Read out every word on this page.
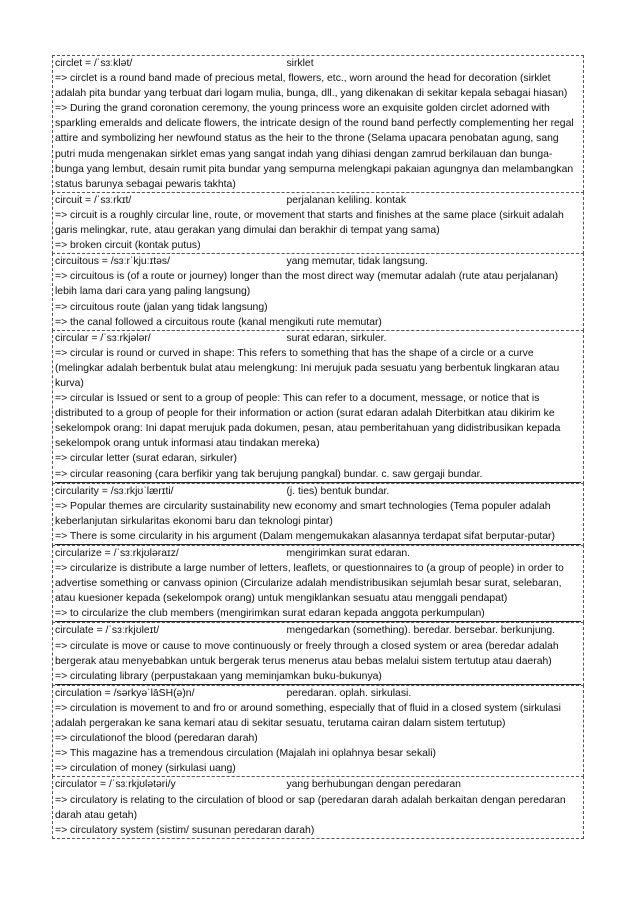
circlet = /ˈsɜːklət/	sirklet
=> circlet is a round band made of precious metal, flowers, etc., worn around the head for decoration (sirklet adalah pita bundar yang terbuat dari logam mulia, bunga, dll., yang dikenakan di sekitar kepala sebagai hiasan)
=> During the grand coronation ceremony, the young princess wore an exquisite golden circlet adorned with sparkling emeralds and delicate flowers, the intricate design of the round band perfectly complementing her regal attire and symbolizing her newfound status as the heir to the throne (Selama upacara penobatan agung, sang putri muda mengenakan sirklet emas yang sangat indah yang dihiasi dengan zamrud berkilauan dan bunga-bunga yang lembut, desain rumit pita bundar yang sempurna melengkapi pakaian agungnya dan melambangkan status barunya sebagai pewaris takhta)
circuit = /ˈsɜːrkɪt/	perjalanan keliling. kontak
=> circuit is a roughly circular line, route, or movement that starts and finishes at the same place (sirkuit adalah garis melingkar, rute, atau gerakan yang dimulai dan berakhir di tempat yang sama)
=> broken circuit (kontak putus)
circuitous = /sɜːrˈkjuːɪtəs/	yang memutar, tidak langsung.
=> circuitous is (of a route or journey) longer than the most direct way (memutar adalah (rute atau perjalanan) lebih lama dari cara yang paling langsung)
=> circuitous route (jalan yang tidak langsung)
=> the canal followed a circuitous route (kanal mengikuti rute memutar)
circular = /ˈsɜːrkjələr/	surat edaran, sirkuler.
=> circular is round or curved in shape: This refers to something that has the shape of a circle or a curve (melingkar adalah berbentuk bulat atau melengkung: Ini merujuk pada sesuatu yang berbentuk lingkaran atau kurva)
=> circular is Issued or sent to a group of people: This can refer to a document, message, or notice that is distributed to a group of people for their information or action (surat edaran adalah Diterbitkan atau dikirim ke sekelompok orang: Ini dapat merujuk pada dokumen, pesan, atau pemberitahuan yang didistribusikan kepada sekelompok orang untuk informasi atau tindakan mereka)
=> circular letter (surat edaran, sirkuler)
=> circular reasoning (cara berfikir yang tak berujung pangkal) bundar. c. saw gergaji bundar.
circularity = /sɜːrkjʊˈlærɪti/	(j. ties) bentuk bundar.
=> Popular themes are circularity sustainability new economy and smart technologies (Tema populer adalah keberlanjutan sirkularitas ekonomi baru dan teknologi pintar)
=> There is some circularity in his argument (Dalam mengemukakan alasannya terdapat sifat berputar-putar)
circularize = /ˈsɜːrkjʊləraɪz/	mengirimkan surat edaran.
=> circularize is distribute a large number of letters, leaflets, or questionnaires to (a group of people) in order to advertise something or canvass opinion (Circularize adalah mendistribusikan sejumlah besar surat, selebaran, atau kuesioner kepada (sekelompok orang) untuk mengiklankan sesuatu atau menggali pendapat)
=> to circularize the club members (mengirimkan surat edaran kepada anggota perkumpulan)
circulate = /ˈsɜːrkjʊleɪt/	mengedarkan (something). beredar. bersebar. berkunjung.
=> circulate is move or cause to move continuously or freely through a closed system or area (beredar adalah bergerak atau menyebabkan untuk bergerak terus menerus atau bebas melalui sistem tertutup atau daerah)
=> circulating library (perpustakaan yang meminjamkan buku-bukunya)
circulation = /sərkyəˈlāSH(ə)n/	peredaran. oplah. sirkulasi.
=> circulation is movement to and fro or around something, especially that of fluid in a closed system (sirkulasi adalah pergerakan ke sana kemari atau di sekitar sesuatu, terutama cairan dalam sistem tertutup)
=> circulationof the blood (peredaran darah)
=> This magazine has a tremendous circulation (Majalah ini oplahnya besar sekali)
=> circulation of money (sirkulasi uang)
circulator = /ˈsɜːrkjʊlətəri/y	yang berhubungan dengan peredaran
=> circulatory is relating to the circulation of blood or sap (peredaran darah adalah berkaitan dengan peredaran darah atau getah)
=> circulatory system (sistim/ susunan peredaran darah)
